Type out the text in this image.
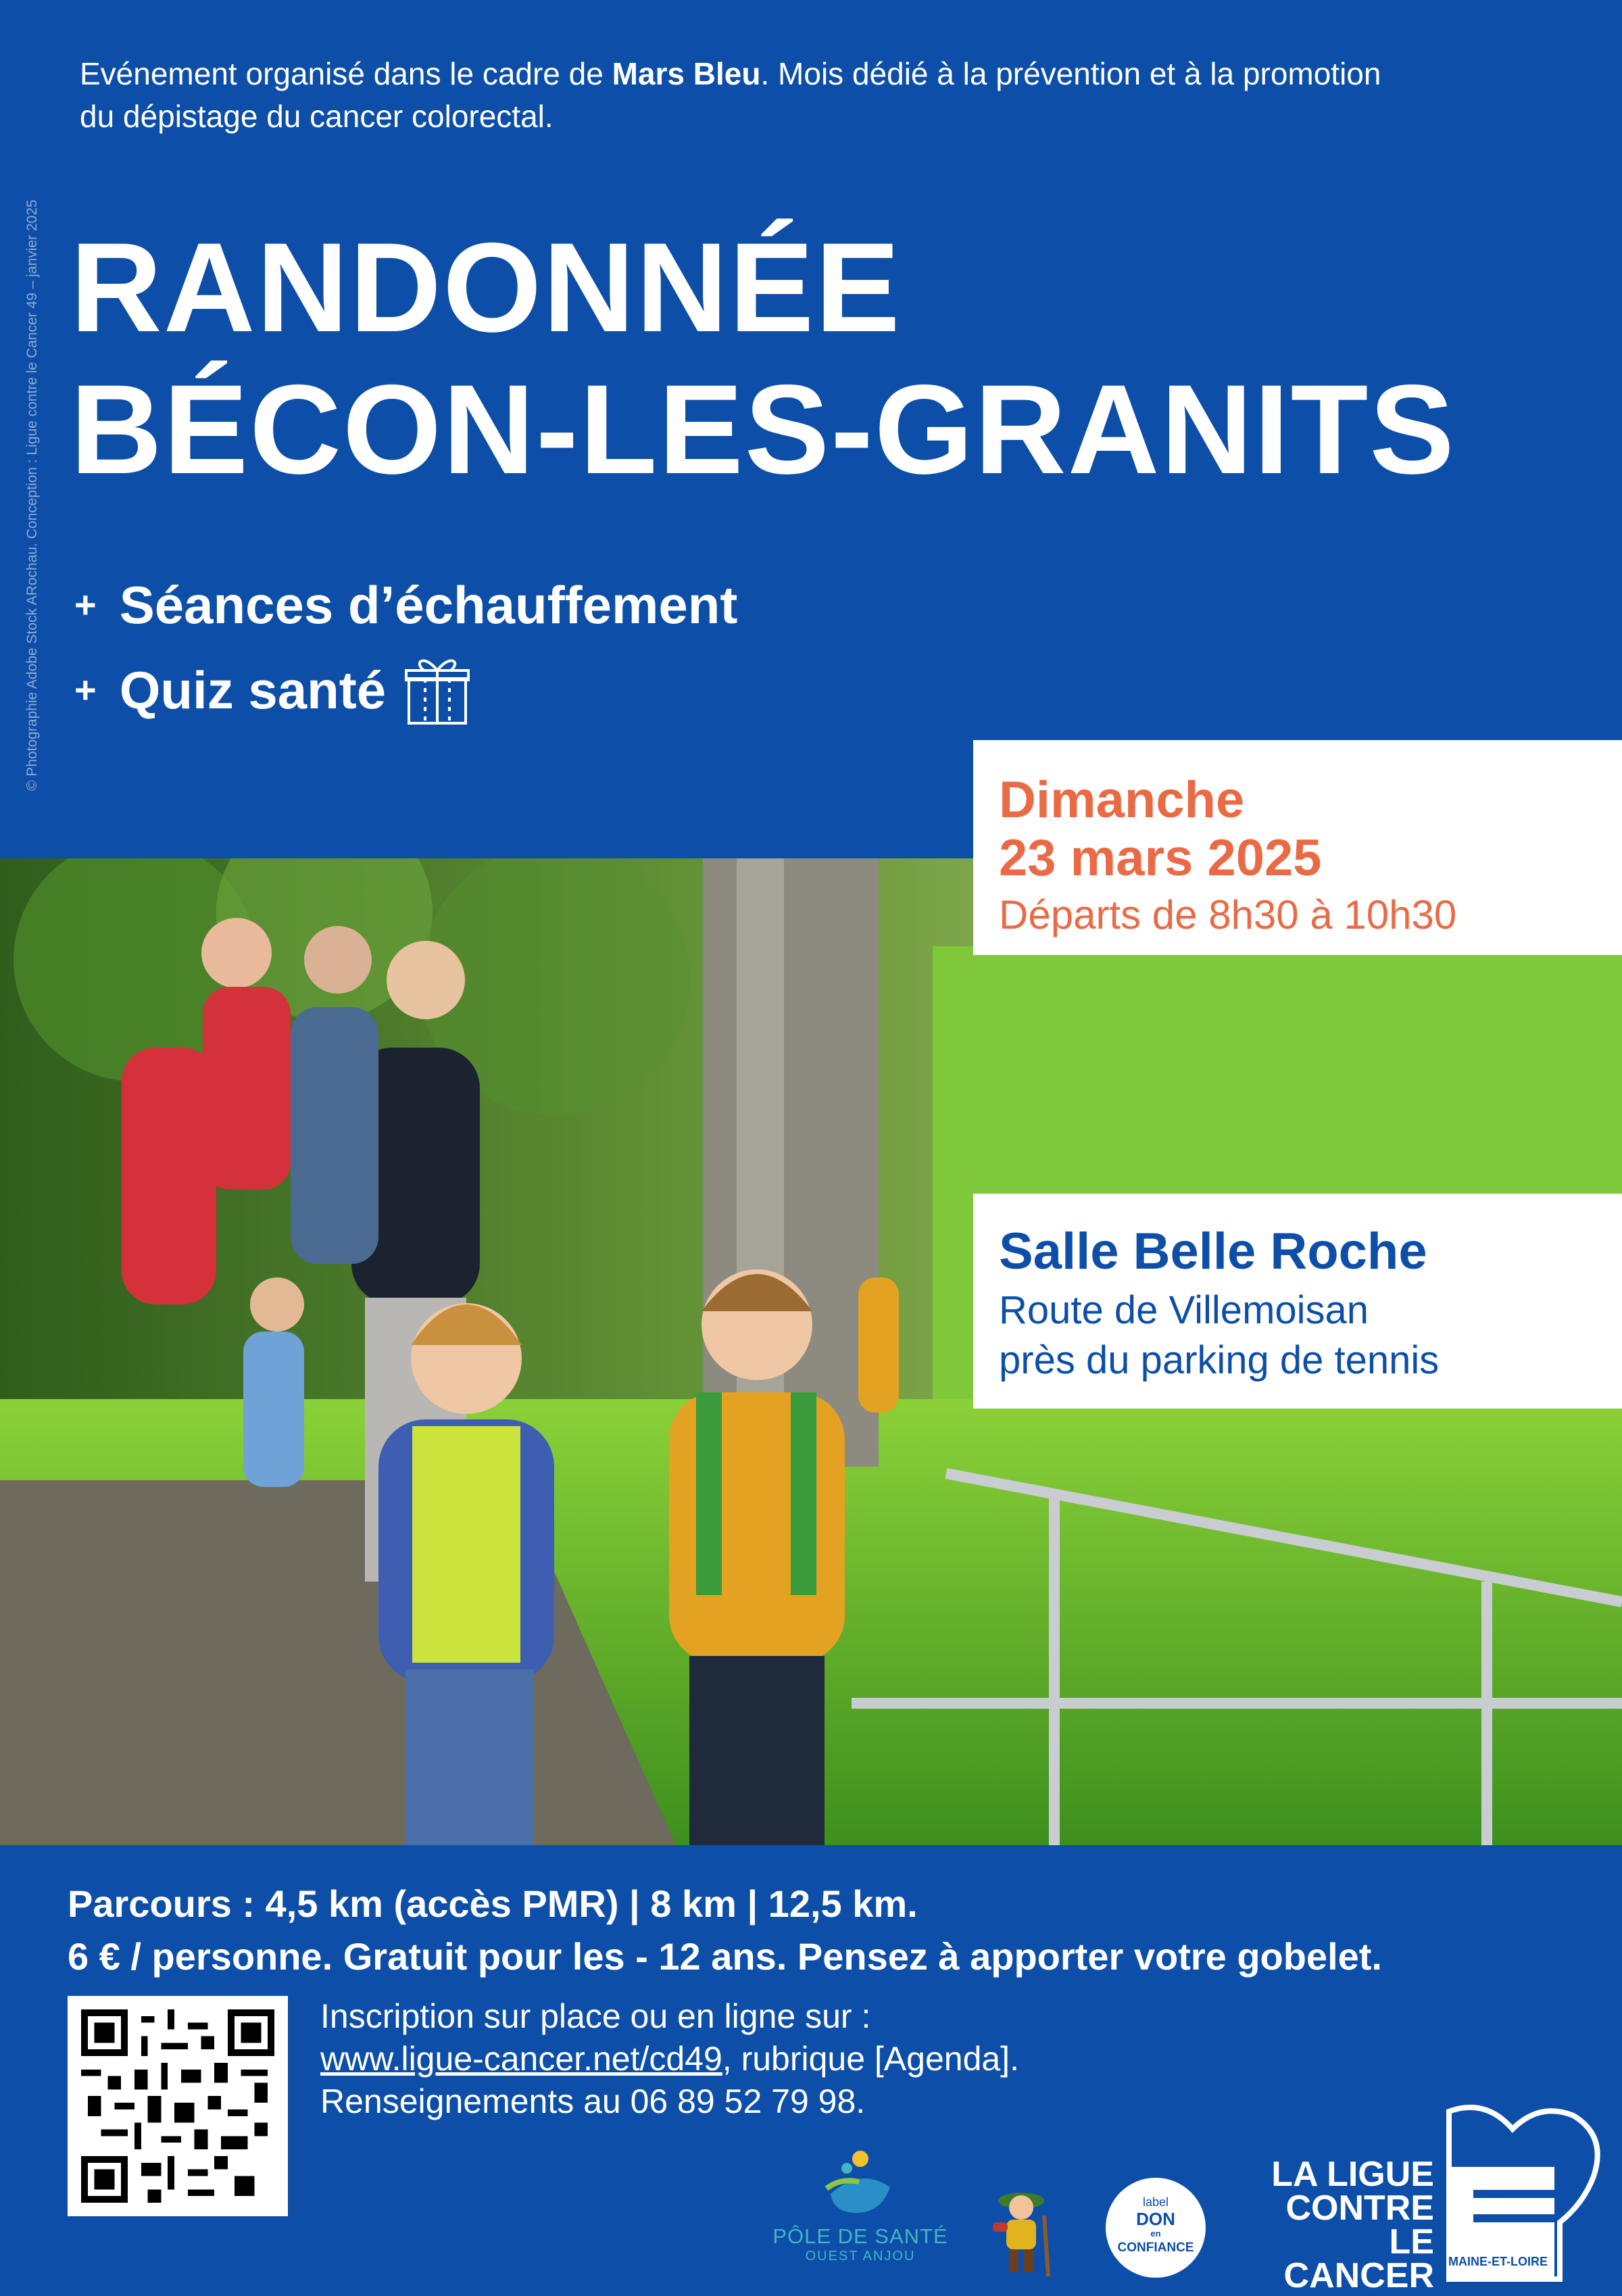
© Photographie Adobe Stock ARochau. Conception : Ligue contre le Cancer 49 – janvier 2025
Evénement organisé dans le cadre de Mars Bleu. Mois dédié à la prévention et à la promotion
du dépistage du cancer colorectal.
RANDONNÉE
BÉCON-LES-GRANITS
+ Séances d’échauffement
+ Quiz santé
Dimanche
23 mars 2025
Départs de 8h30 à 10h30
Salle Belle Roche
Route de Villemoisan
près du parking de tennis
Parcours : 4,5 km (accès PMR) | 8 km | 12,5 km.
6 € / personne. Gratuit pour les - 12 ans. Pensez à apporter votre gobelet.
Inscription sur place ou en ligne sur :
www.ligue-cancer.net/cd49, rubrique [Agenda].
Renseignements au 06 89 52 79 98.
PÔLE DE SANTÉ
OUEST ANJOU
label
DON
en
CONFIANCE
LA LIGUE
CONTRE
LE CANCER MAINE-ET-LOIRE
